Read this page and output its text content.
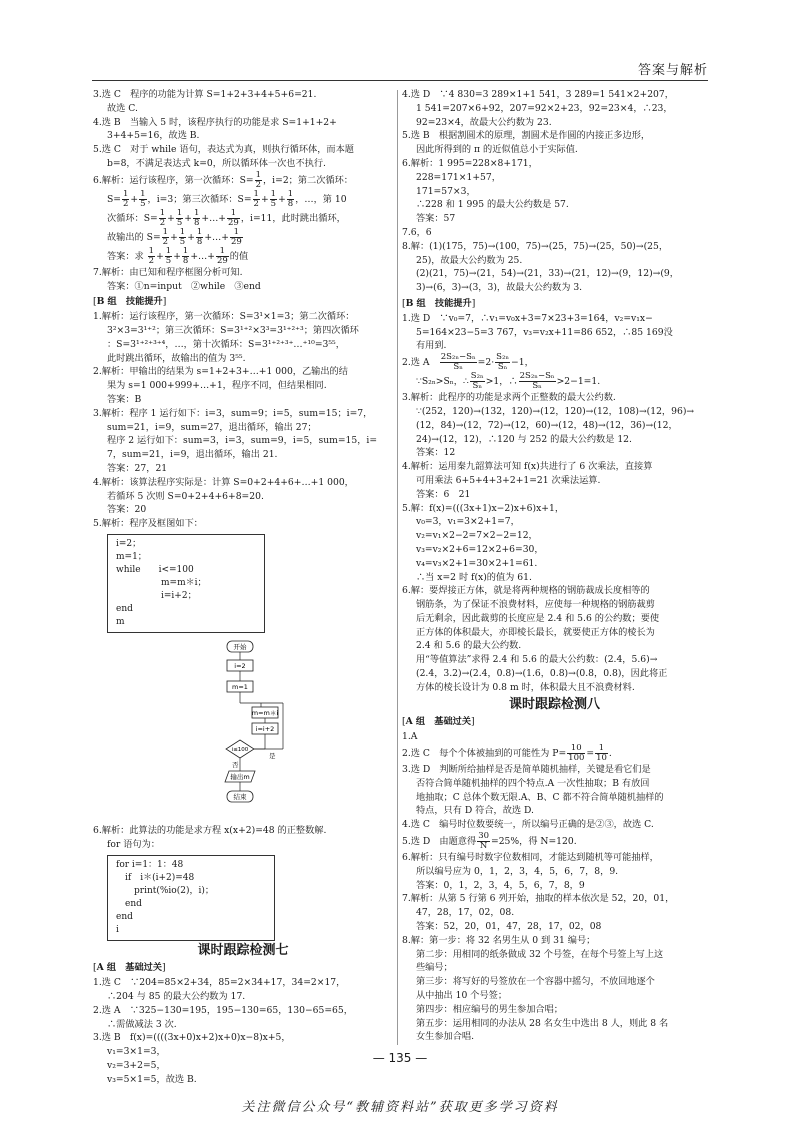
答案与解析
3.选 C　程序的功能为计算 S=1+2+3+4+5+6=21.
故选 C.
4.选 B　当输入 5 时，该程序执行的功能是求 S=1+1+2+
3+4+5=16，故选 B.
5.选 C　对于 while 语句，表达式为真，则执行循环体，而本题
b=8，不满足表达式 k=0，所以循环体一次也不执行.
6.解析：运行该程序，第一次循环：$S= \frac{1}{2}$ ，i=2；第二次循环：
$S= \frac{1}{2} + \frac{1}{5}$ ，i=3；第三次循环：$S= \frac{1}{2} + \frac{1}{5} + \frac{1}{8}$ ，…，第 10
次循环：$S= \frac{1}{2} + \frac{1}{5} + \frac{1}{8}$ +…+ $\frac{1}{29}$ ，i=11，此时跳出循环，
故输出的 $S= \frac{1}{2} + \frac{1}{5} + \frac{1}{8}$ +…+ $\frac{1}{29}$
答案：求 $\frac{1}{2} + \frac{1}{5} + \frac{1}{8}$ +…+ $\frac{1}{29}$ 的值
7.解析：由已知和程序框图分析可知.
答案：①n=input　②while　③end
[B 组　技能提升]
1.解析：运行该程序，第一次循环：S=3¹×1=3；第二次循环：
3²×3=3¹⁺²；第三次循环：S=3¹⁺²×3³=3¹⁺²⁺³；第四次循环
：S=3¹⁺²⁺³⁺⁴，…，第十次循环：S=3¹⁺²⁺³⁺…⁺¹⁰=3⁵⁵，
此时跳出循环，故输出的值为 3⁵⁵.
2.解析：甲输出的结果为 s=1+2+3+…+1 000，乙输出的结
果为 s=1 000+999+…+1，程序不同，但结果相同.
答案：B
3.解析：程序 1 运行如下：i=3，sum=9；i=5，sum=15；i=7，
sum=21，i=9，sum=27，退出循环，输出 27；
程序 2 运行如下：sum=3，i=3，sum=9，i=5，sum=15，i=
7，sum=21，i=9，退出循环，输出 21.
答案：27，21
4.解析：该算法程序实际是：计算 S=0+2+4+6+…+1 000，
若循环 5 次则 S=0+2+4+6+8=20.
答案：20
5.解析：程序及框图如下：
i=2；
m=1；
while　　i<=100
　　　　　m=m＊i；
　　　　　i=i+2；
end
m
开始
i=2
m=1
m=m＊i
i=i+2
i≤100
是
否
输出m
结束
6.解析：此算法的功能是求方程 x(x+2)=48 的正整数解.
for 语句为：
for i=1：1：48
　if　i＊(i+2)=48
　　print(%io(2)，i)；
　end
end
i
课时跟踪检测七
[A 组　基础过关]
1.选 C　∵204=85×2+34，85=2×34+17，34=2×17，
∴204 与 85 的最大公约数为 17.
2.选 A　∵325−130=195，195−130=65，130−65=65，
∴需做减法 3 次.
3.选 B　f(x)=((((3x+0)x+2)x+0)x−8)x+5，
v₁=3×1=3，
v₂=3+2=5，
v₃=5×1=5，故选 B.
4.选 D　∵4 830=3 289×1+1 541，3 289=1 541×2+207，
1 541=207×6+92，207=92×2+23，92=23×4，∴23，
92=23×4，故最大公约数为 23.
5.选 B　根据割圆术的原理，割圆术是作圆的内接正多边形，
因此所得到的 π 的近似值总小于实际值.
6.解析：1 995=228×8+171，
228=171×1+57，
171=57×3，
∴228 和 1 995 的最大公约数是 57.
答案：57
7.6，6
8.解：(1)(175，75)→(100，75)→(25，75)→(25，50)→(25，
25)，故最大公约数为 25.
(2)(21，75)→(21，54)→(21，33)→(21，12)→(9，12)→(9，
3)→(6，3)→(3，3)，故最大公约数为 3.
[B 组　技能提升]
1.选 D　∵v₀=7，∴v₁=v₀x+3=7×23+3=164，v₂=v₁x−
5=164×23−5=3 767，v₃=v₂x+11=86 652，∴85 169没
有用到.
2.选 A　 $\frac{\text{2S₂ₙ−Sₙ}}{\text{Sₙ}} =2\cdot \frac{\text{S₂ₙ}}{\text{Sₙ}} -1$，
∵S₂ₙ>Sₙ，∴ $\frac{\text{S₂ₙ}}{\text{Sₙ}} >1$，∴ $\frac{\text{2S₂ₙ−Sₙ}}{\text{Sₙ}} >2-1=1$.
3.解析：此程序的功能是求两个正整数的最大公约数.
∵(252，120)→(132，120)→(12，120)→(12，108)→(12，96)→
(12，84)→(12，72)→(12，60)→(12，48)→(12，36)→(12，
24)→(12，12)，∴120 与 252 的最大公约数是 12.
答案：12
4.解析：运用秦九韶算法可知 f(x)共进行了 6 次乘法，直接算
可用乘法 6+5+4+3+2+1=21 次乘法运算.
答案：6　21
5.解：f(x)=(((3x+1)x−2)x+6)x+1，
v₀=3，v₁=3×2+1=7，
v₂=v₁×2−2=7×2−2=12，
v₃=v₂×2+6=12×2+6=30，
v₄=v₃×2+1=30×2+1=61.
∴当 x=2 时 f(x)的值为 61.
6.解：要焊接正方体，就是将两种规格的钢筋裁成长度相等的
钢筋条，为了保证不浪费材料，应使每一种规格的钢筋裁剪
后无剩余，因此裁剪的长度应是 2.4 和 5.6 的公约数；要使
正方体的体积最大，亦即棱长最长，就要使正方体的棱长为
2.4 和 5.6 的最大公约数.
用“等值算法”求得 2.4 和 5.6 的最大公约数：(2.4，5.6)→
(2.4，3.2)→(2.4，0.8)→(1.6，0.8)→(0.8，0.8)，因此将正
方体的棱长设计为 0.8 m 时，体积最大且不浪费材料.
课时跟踪检测八
[A 组　基础过关]
1.A
2.选 C　每个个体被抽到的可能性为 $P= \frac{10}{100} = \frac{1}{10}$ .
3.选 D　判断所给抽样是否是简单随机抽样，关键是看它们是
否符合简单随机抽样的四个特点.A 一次性抽取；B 有放回
地抽取；C 总体个数无限.A、B、C 都不符合简单随机抽样的
特点，只有 D 符合，故选 D.
4.选 C　编号时位数要统一，所以编号正确的是②③，故选 C.
5.选 D　由题意得 $\frac{30}{N} =25\%$，得 N=120.
6.解析：只有编号时数字位数相同，才能达到随机等可能抽样，
所以编号应为 0，1，2，3，4，5，6，7，8，9.
答案：0，1，2，3，4，5，6，7，8，9
7.解析：从第 5 行第 6 列开始，抽取的样本依次是 52，20，01，
47，28，17，02，08.
答案：52，20，01，47，28，17，02，08
8.解：第一步：将 32 名男生从 0 到 31 编号；
第二步：用相同的纸条做成 32 个号签，在每个号签上写上这
些编号；
第三步：将写好的号签放在一个容器中摇匀，不放回地逐个
从中抽出 10 个号签；
第四步：相应编号的男生参加合唱；
第五步：运用相同的办法从 28 名女生中选出 8 人，则此 8 名
女生参加合唱.
— 135 —
关注微信公众号“教辅资料站”获取更多学习资料
